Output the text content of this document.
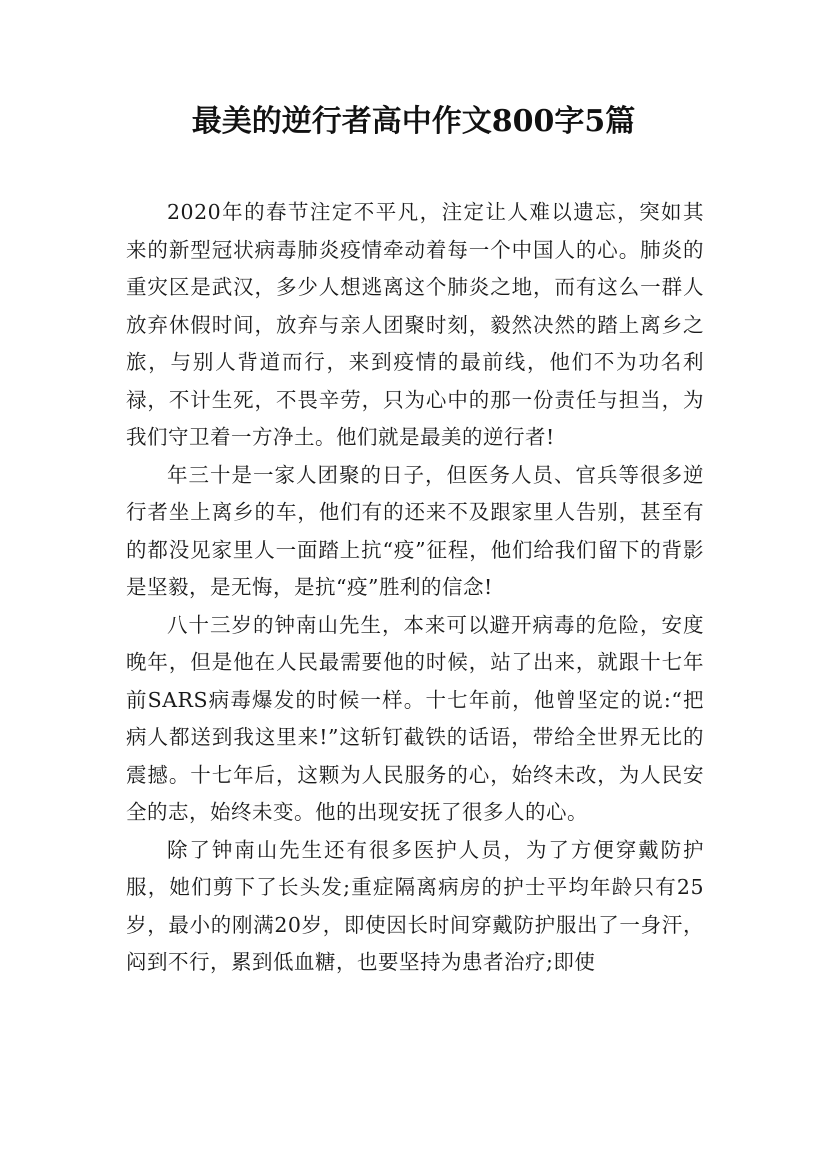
最美的逆行者高中作文800字5篇

2020年的春节注定不平凡，注定让人难以遗忘，突如其来的新型冠状病毒肺炎疫情牵动着每一个中国人的心。肺炎的重灾区是武汉，多少人想逃离这个肺炎之地，而有这么一群人放弃休假时间，放弃与亲人团聚时刻，毅然决然的踏上离乡之旅，与别人背道而行，来到疫情的最前线，他们不为功名利禄，不计生死，不畏辛劳，只为心中的那一份责任与担当，为我们守卫着一方净土。他们就是最美的逆行者!

年三十是一家人团聚的日子，但医务人员、官兵等很多逆行者坐上离乡的车，他们有的还来不及跟家里人告别，甚至有的都没见家里人一面踏上抗“疫”征程，他们给我们留下的背影是坚毅，是无悔，是抗“疫”胜利的信念!

八十三岁的钟南山先生，本来可以避开病毒的危险，安度晚年，但是他在人民最需要他的时候，站了出来，就跟十七年前SARS病毒爆发的时候一样。十七年前，他曾坚定的说:“把病人都送到我这里来!”这斩钉截铁的话语，带给全世界无比的震撼。十七年后，这颗为人民服务的心，始终未改，为人民安全的志，始终未变。他的出现安抚了很多人的心。

除了钟南山先生还有很多医护人员，为了方便穿戴防护服，她们剪下了长头发;重症隔离病房的护士平均年龄只有25岁，最小的刚满20岁，即使因长时间穿戴防护服出了一身汗，闷到不行，累到低血糖，也要坚持为患者治疗;即使
